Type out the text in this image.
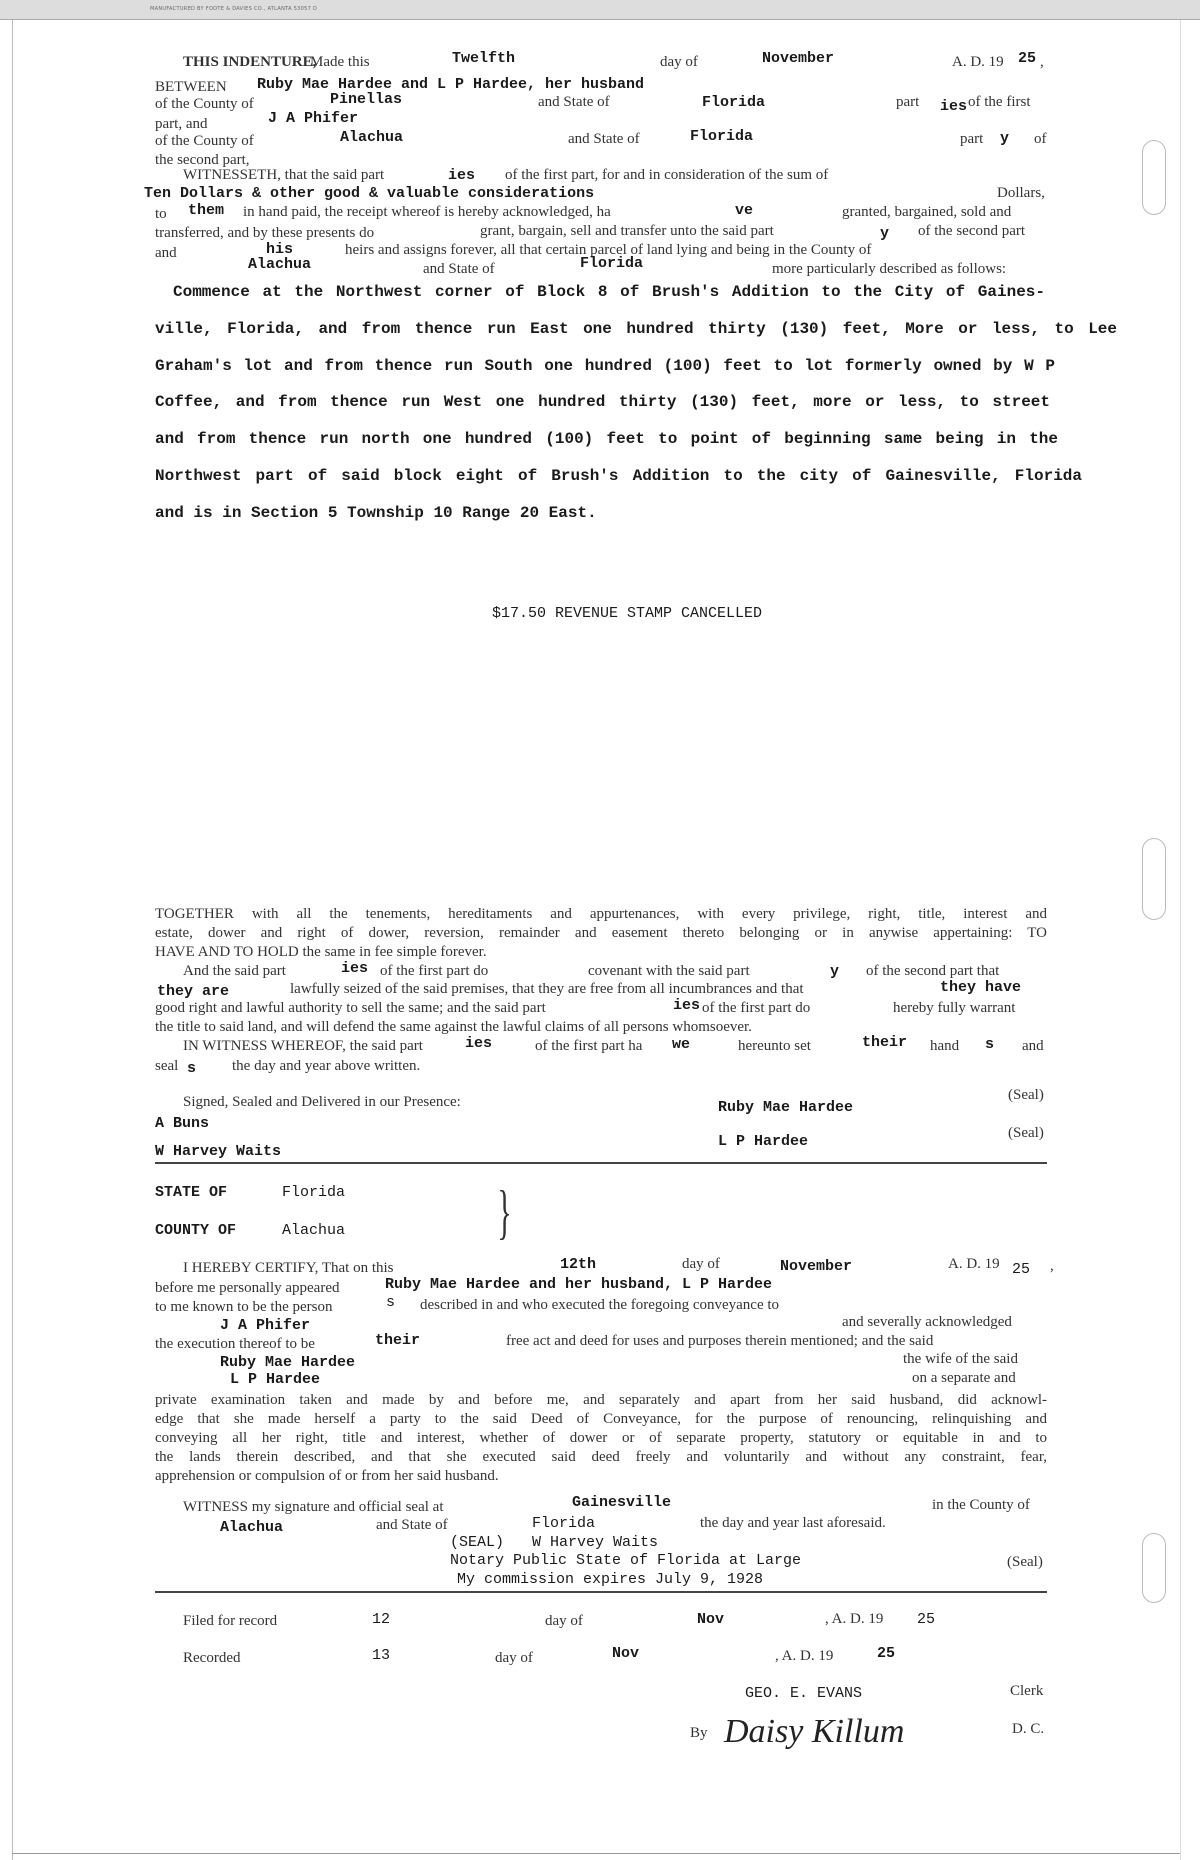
MANUFACTURED BY FOOTE & DAVIES CO., ATLANTA 53057 D
THIS INDENTURE,
Made this	Twelfth	day of	November	A. D. 19 25 ,
BETWEEN Ruby Mae Hardee and L P Hardee, her husband
of the County of	Pinellas	and State of	Florida	part ies of the first
part, and	J A Phifer
of the County of	Alachua	and State of	Florida	part y of
the second part,
WITNESSETH, that the said part	ies of the first part, for and in consideration of the sum of
Ten Dollars & other good & valuable considerations	Dollars,
to them in hand paid, the receipt whereof is hereby acknowledged, ha	ve	granted, bargained, sold and
transferred, and by these presents do	grant, bargain, sell and transfer unto the said part	y of the second part
and	his	heirs and assigns forever, all that certain parcel of land lying and being in the County of
Alachua	and State of	Florida	more particularly described as follows:
Commence at the Northwest corner of Block 8 of Brush's Addition to the City of Gaines-
ville, Florida, and from thence run East one hundred thirty (130) feet, More or less, to Lee
Graham's lot and from thence run South one hundred (100) feet to lot formerly owned by W P
Coffee, and from thence run West one hundred thirty (130) feet, more or less, to street
and from thence run north one hundred (100) feet to point of beginning same being in the
Northwest part of said block eight of Brush's Addition to the city of Gainesville, Florida
and is in Section 5 Township 10 Range 20 East.
$17.50 REVENUE STAMP CANCELLED
TOGETHER with all the tenements, hereditaments and appurtenances, with every privilege, right, title, interest and
estate, dower and right of dower, reversion, remainder and easement thereto belonging or in anywise appertaining: TO
HAVE AND TO HOLD the same in fee simple forever.
And the said part	ies of the first part do	covenant with the said part	y of the second part that
they are	lawfully seized of the said premises, that they are free from all incumbrances and that	they have
good right and lawful authority to sell the same; and the said part	ies of the first part do	hereby fully warrant
the title to said land, and will defend the same against the lawful claims of all persons whomsoever.
IN WITNESS WHEREOF, the said part	ies	of the first part ha we	hereunto set	their hand s and
seal s the day and year above written.
Signed, Sealed and Delivered in our Presence:	(Seal)
Ruby Mae Hardee
A Buns
(Seal)
L P Hardee
W Harvey Waits
STATE OF	Florida
COUNTY OF	Alachua	}
I HEREBY CERTIFY, That on this	12th	day of	November	A. D. 19 25 ,
before me personally appeared	Ruby Mae Hardee and her husband, L P Hardee
to me known to be the person	s described in and who executed the foregoing conveyance to
J A Phifer	and severally acknowledged
the execution thereof to be	their	free act and deed for uses and purposes therein mentioned; and the said
Ruby Mae Hardee	the wife of the said
L P Hardee	on a separate and
private examination taken and made by and before me, and separately and apart from her said husband, did acknowl-
edge that she made herself a party to the said Deed of Conveyance, for the purpose of renouncing, relinquishing and
conveying all her right, title and interest, whether of dower or of separate property, statutory or equitable in and to
the lands therein described, and that she executed said deed freely and voluntarily and without any constraint, fear,
apprehension or compulsion of or from her said husband.
WITNESS my signature and official seal at	Gainesville	in the County of
Alachua	and State of	Florida	the day and year last aforesaid.
(SEAL) W Harvey Waits
Notary Public State of Florida at Large	(Seal)
My commission expires July 9, 1928
Filed for record	12	day of	Nov	, A. D. 19 25
Recorded	13	day of	Nov	, A. D. 19	25
GEO. E. EVANS	Clerk
By Daisy Killum	D. C.
